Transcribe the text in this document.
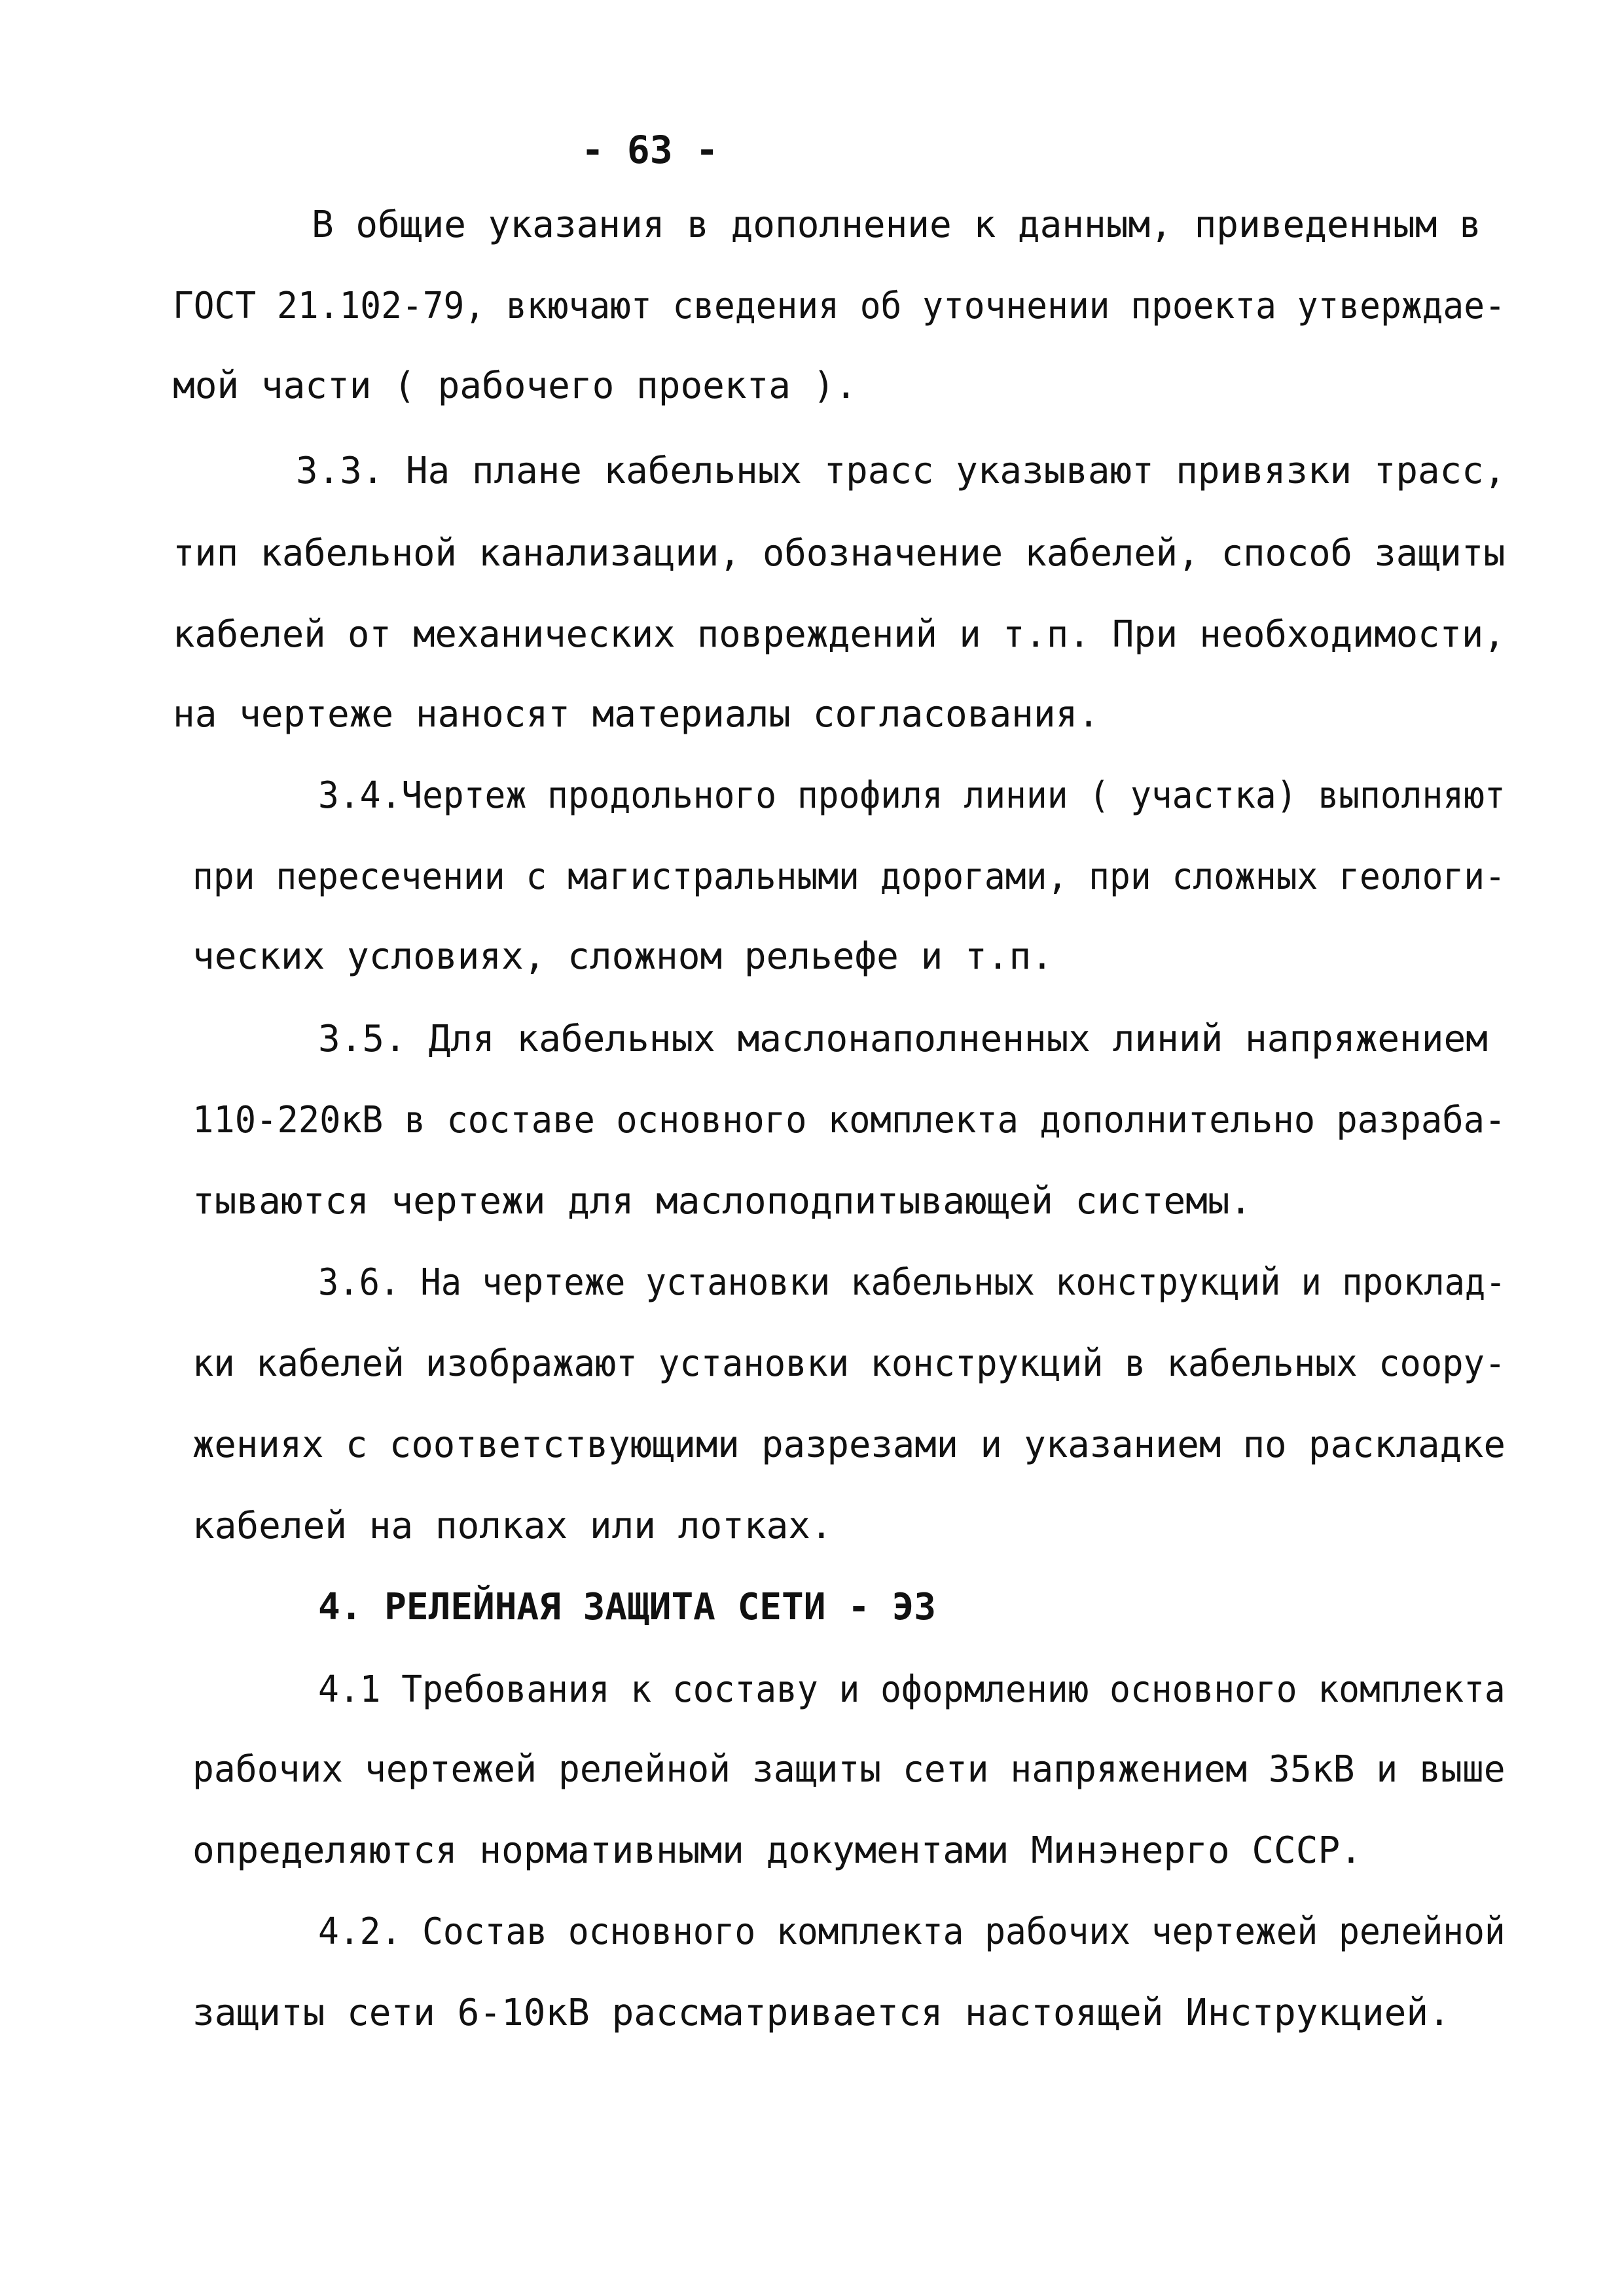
- 63 -
В общие указания в дополнение к данным, приведенным в
ГОСТ 21.102-79, вкючают сведения об уточнении проекта утверждае-
мой части ( рабочего проекта ).
3.3. На плане кабельных трасс указывают привязки трасс,
тип кабельной канализации, обозначение кабелей, способ защиты
кабелей от механических повреждений и т.п. При необходимости,
на чертеже наносят материалы согласования.
3.4.Чертеж продольного профиля линии ( участка) выполняют
при пересечении с магистральными дорогами, при сложных геологи-
ческих условиях, сложном рельефе и т.п.
3.5. Для кабельных маслонаполненных линий напряжением
110-220кВ в составе основного комплекта дополнительно разраба-
тываются чертежи для маслоподпитывающей системы.
3.6. На чертеже установки кабельных конструкций и проклад-
ки кабелей изображают установки конструкций в кабельных соору-
жениях с соответствующими разрезами и указанием по раскладке
кабелей на полках или лотках.
4. РЕЛЕЙНАЯ ЗАЩИТА СЕТИ - ЭЗ
4.1 Требования к составу и оформлению основного комплекта
рабочих чертежей релейной защиты сети напряжением 35кВ и выше
определяются нормативными документами Минэнерго СССР.
4.2. Состав основного комплекта рабочих чертежей релейной
защиты сети 6-10кВ рассматривается настоящей Инструкцией.
